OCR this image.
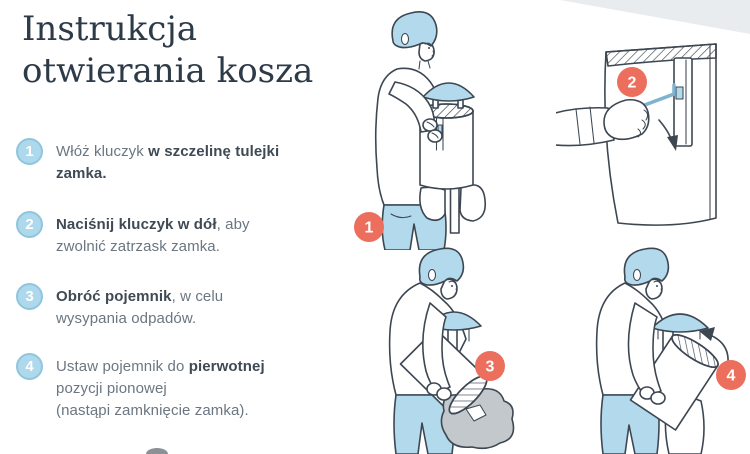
Instrukcja
otwierania kosza
1 Włóż kluczyk w szczelinę tulejki zamka.
2 Naciśnij kluczyk w dół, aby zwolnić zatrzask zamka.
3 Obróć pojemnik, w celu wysypania odpadów.
4 Ustaw pojemnik do pierwotnej pozycji pionowej
(nastąpi zamknięcie zamka).
1
2
3
4
